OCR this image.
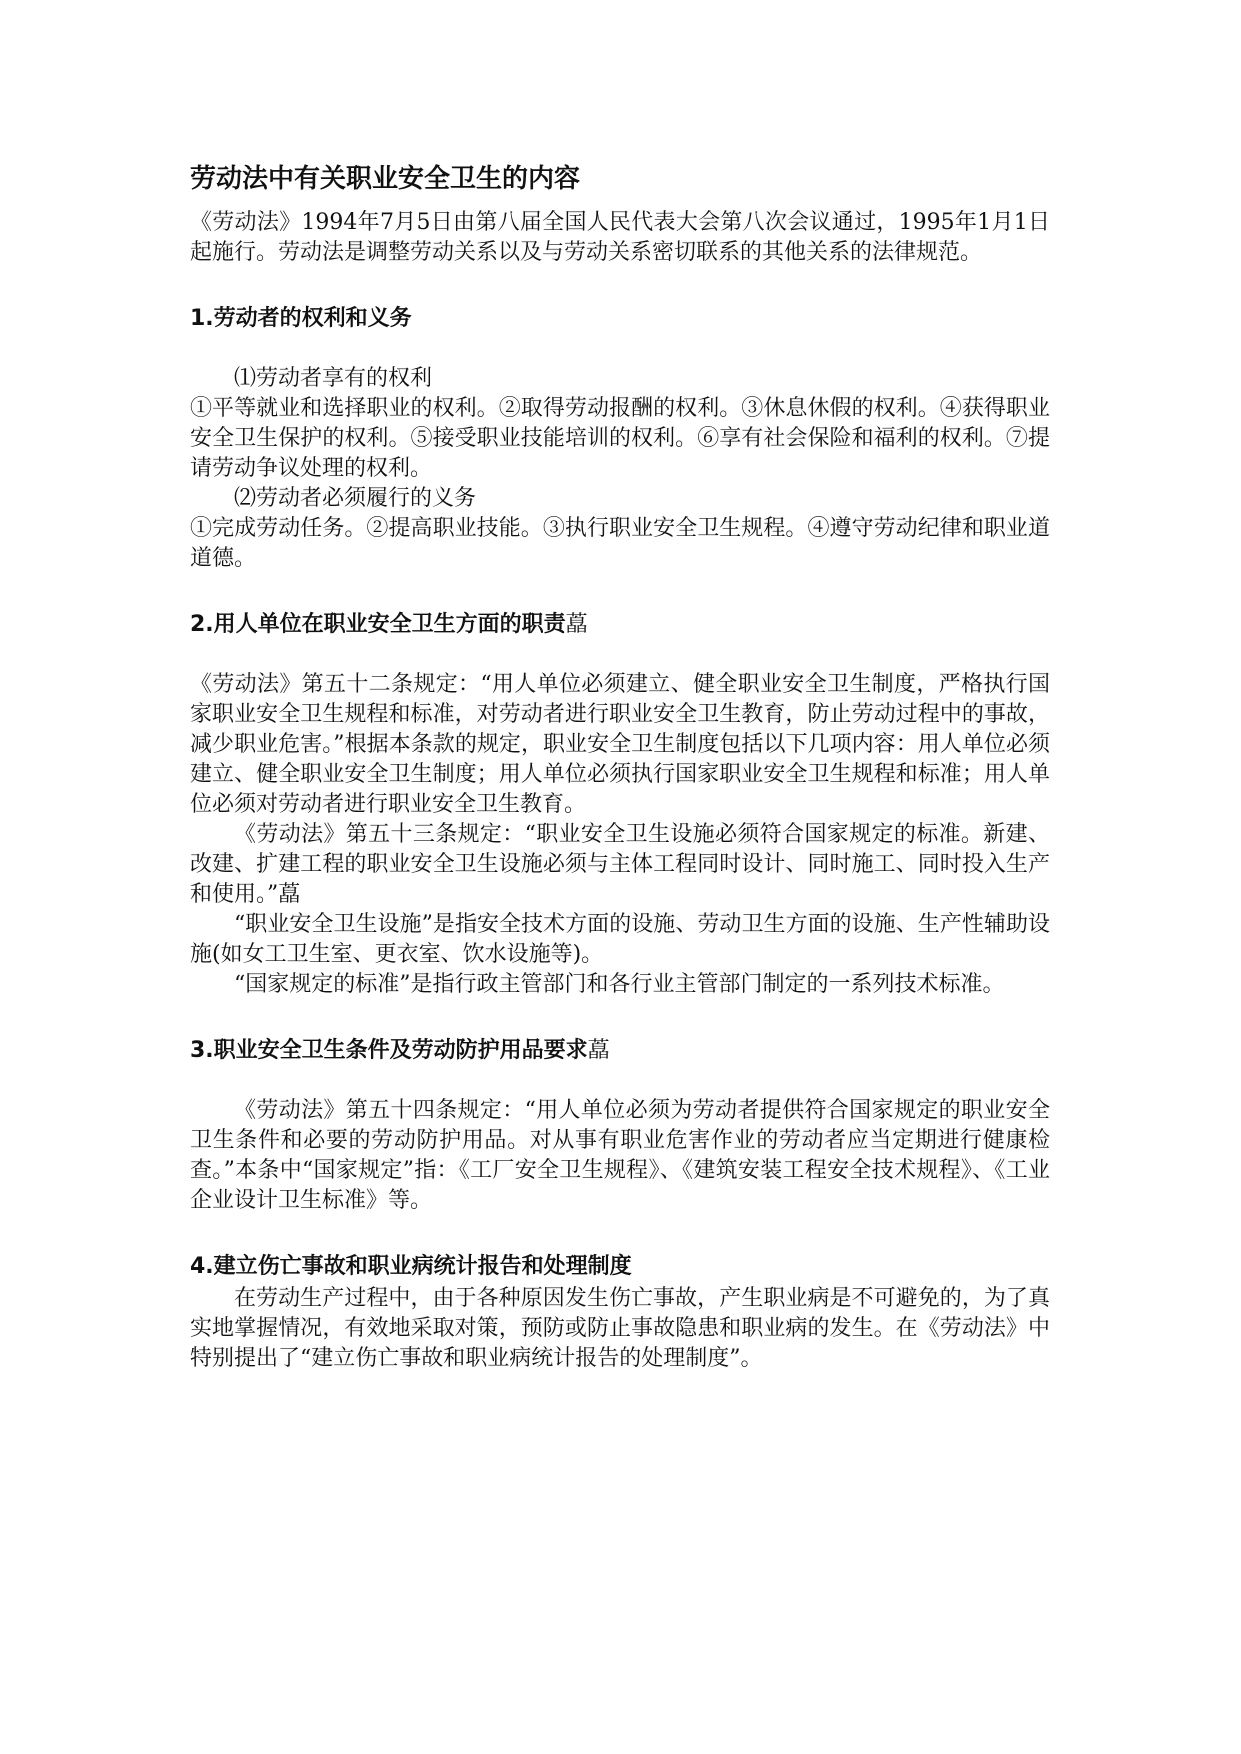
劳动法中有关职业安全卫生的内容

《劳动法》1994年7月5日由第八届全国人民代表大会第八次会议通过，1995年1月1日起施行。劳动法是调整劳动关系以及与劳动关系密切联系的其他关系的法律规范。

1.劳动者的权利和义务

⑴劳动者享有的权利

①平等就业和选择职业的权利。②取得劳动报酬的权利。③休息休假的权利。④获得职业安全卫生保护的权利。⑤接受职业技能培训的权利。⑥享有社会保险和福利的权利。⑦提请劳动争议处理的权利。

⑵劳动者必须履行的义务

①完成劳动任务。②提高职业技能。③执行职业安全卫生规程。④遵守劳动纪律和职业道道德。

2.用人单位在职业安全卫生方面的职责藠

《劳动法》第五十二条规定：“用人单位必须建立、健全职业安全卫生制度，严格执行国家职业安全卫生规程和标准，对劳动者进行职业安全卫生教育，防止劳动过程中的事故，减少职业危害。”根据本条款的规定，职业安全卫生制度包括以下几项内容：用人单位必须建立、健全职业安全卫生制度；用人单位必须执行国家职业安全卫生规程和标准；用人单位必须对劳动者进行职业安全卫生教育。

《劳动法》第五十三条规定：“职业安全卫生设施必须符合国家规定的标准。新建、改建、扩建工程的职业安全卫生设施必须与主体工程同时设计、同时施工、同时投入生产和使用。”藠

“职业安全卫生设施”是指安全技术方面的设施、劳动卫生方面的设施、生产性辅助设施(如女工卫生室、更衣室、饮水设施等)。

“国家规定的标准”是指行政主管部门和各行业主管部门制定的一系列技术标准。

3.职业安全卫生条件及劳动防护用品要求藠

《劳动法》第五十四条规定：“用人单位必须为劳动者提供符合国家规定的职业安全卫生条件和必要的劳动防护用品。对从事有职业危害作业的劳动者应当定期进行健康检查。”本条中“国家规定”指：《工厂安全卫生规程》、《建筑安装工程安全技术规程》、《工业企业设计卫生标准》等。

4.建立伤亡事故和职业病统计报告和处理制度

在劳动生产过程中，由于各种原因发生伤亡事故，产生职业病是不可避免的，为了真实地掌握情况，有效地采取对策，预防或防止事故隐患和职业病的发生。在《劳动法》中特别提出了“建立伤亡事故和职业病统计报告的处理制度”。
